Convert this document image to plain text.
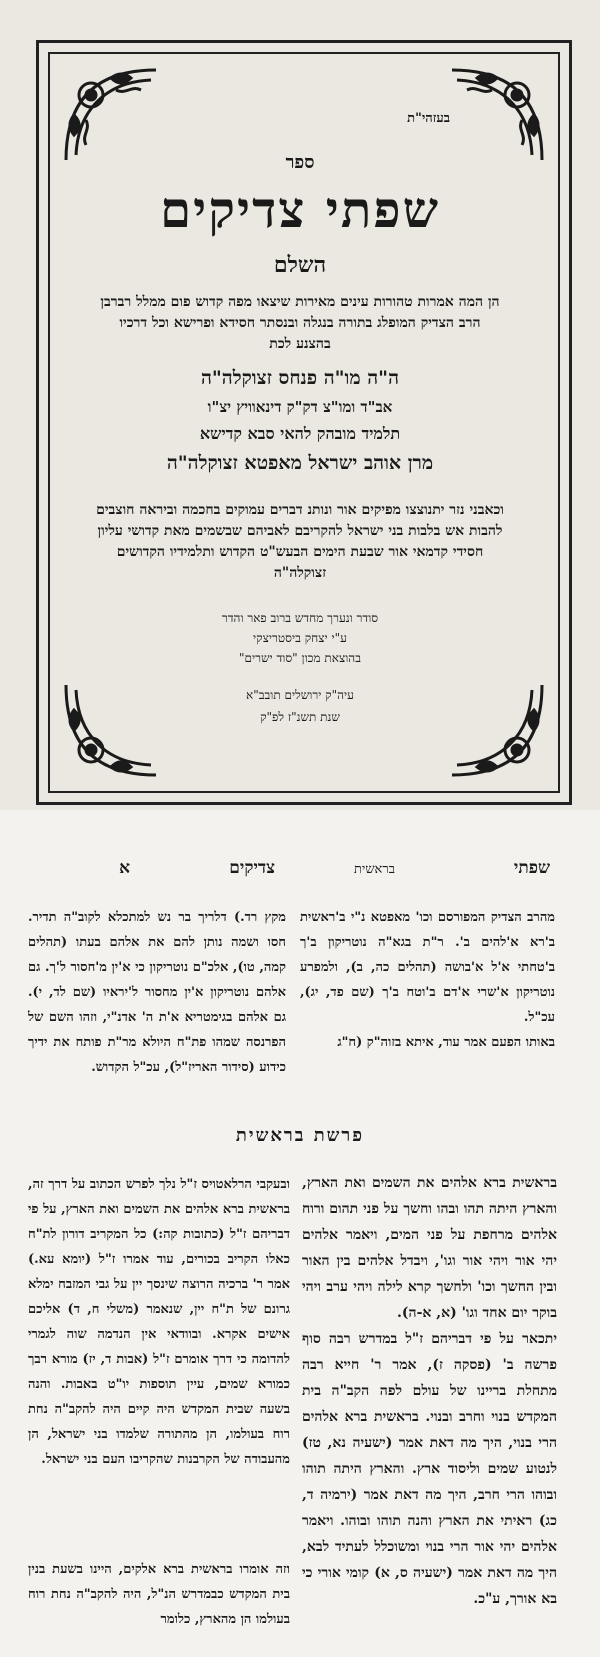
בעזהי"ת
ספר
שפתי צדיקים
השלם
הן המה אמרות טהורות עינים מאירות שיצאו מפה קדוש פום ממלל רברבן הרב הצדיק המופלג בתורה בנגלה ובנסתר חסידא ופרישא וכל דרכיו בהצנע לכת
ה"ה מו"ה פנחס זצוקלה"ה
אב"ד ומו"צ דק"ק דינאוויץ יצ"ו
תלמיד מובהק להאי סבא קדישא
מרן אוהב ישראל מאפטא זצוקלה"ה
וכאבני נזר יתנוצצו מפיקים אור ונותנ דברים עמוקים בחכמה וביראה חוצבים להבות אש בלבות בני ישראל להקריבם לאביהם שבשמים מאת קדושי עליון חסידי קדמאי אור שבעת הימים הבעש"ט הקדוש ותלמידיו הקדושים זצוקלה"ה
סודר ונערך מחדש ברוב פאר והדר
ע"י יצחק ביסטריצקי
בהוצאת מכון "סוד ישרים"
עיה"ק ירושלים תובב"א
שנת תשנ"ז לפ"ק
שפתי
בראשית
צדיקים
א
מהרב הצדיק המפורסם וכו' מאפטא נ"י ב'ראשית ב'רא א'להים ב'. ר"ת בגא"ה נוטריקון ב'ך ב'טחתי א'ל א'בושה (תהלים כה, ב), ולמפרע נוטריקון א'שרי א'דם ב'וטח ב'ך (שם פד, יג), עכ"ל.
באותו הפעם אמר עוד, איתא בזוה"ק (ח"ג
מקץ רד.) דלריך בר נש למתכלא לקוב"ה תדיר. חסו ושמה נותן להם את אלהם בעתו (תהלים קמה, טו), אלכ"ם נוטריקון כי א'ין מ'חסור ל'ך. גם אלהם נוטריקון א'ין מחסור ל'יראיו (שם לד, י). גם אלהם בגימטריא א'ת ה' אדנ"י, וזהו השם של הפרנסה שמהו פת"ח היולא מר"ת פותח את ידיך כידוע (סידור האריז"ל), עכ"ל הקדוש.
פרשת בראשית
בראשית ברא אלהים את השמים ואת הארץ, והארץ היתה תהו ובהו וחשך על פני תהום ורוח אלהים מרחפת על פני המים, ויאמר אלהים יהי אור ויהי אור וגו', ויבדל אלהים בין האור ובין החשך וכו' ולחשך קרא לילה ויהי ערב ויהי בוקר יום אחד וגו' (א, א-ה).
יתכאר על פי דבריהם ז"ל במדרש רבה סוף פרשה ב' (פסקה ז), אמר ר' חייא רבה מתחלת בריינו של עולם לפה הקב"ה בית המקדש בנוי וחרב ובנוי. בראשית ברא אלהים הרי בנוי, היך מה דאת אמר (ישעיה נא, טז) לנטוע שמים וליסוד ארץ. והארץ היתה תוהו ובוהו הרי חרב, היך מה דאת אמר (ירמיה ד, כג) ראיתי את הארץ והנה תוהו ובוהו. ויאמר אלהים יהי אור הרי בנוי ומשוכלל לעתיד לבא, היך מה דאת אמר (ישעיה ס, א) קומי אורי כי בא אורך, ע"כ.
ובעקבי הרלאטויס ז"ל נלך לפרש הכתוב על דרך זה, בראשית ברא אלהים את השמים ואת הארץ, על פי דבריהם ז"ל (כתובות קה:) כל המקריב דורון לת"ח כאלו הקריב בכורים, עוד אמרו ז"ל (יומא עא.) אמר ר' ברכיה הרוצה שינסך יין על גבי המזבח ימלא גרונם של ת"ח יין, שנאמר (משלי ח, ד) אליכם אישים אקרא. ובוודאי אין הנדמה שוה לגמרי להדומה כי דרך אומרם ז"ל (אבות ד, יז) מורא רבך כמורא שמים, עיין תוספות יו"ט באבות. והנה בשעה שבית המקדש היה קיים היה להקב"ה נחת רוח בעולמו, הן מהתורה שלמדו בני ישראל, הן מהעבודה של הקרבנות שהקריבו העם בני ישראל.
וזה אומרו בראשית ברא אלקים, היינו בשעת בנין בית המקדש כבמדרש הנ"ל, היה להקב"ה נחת רוח בעולמו הן מהארץ, כלומר
